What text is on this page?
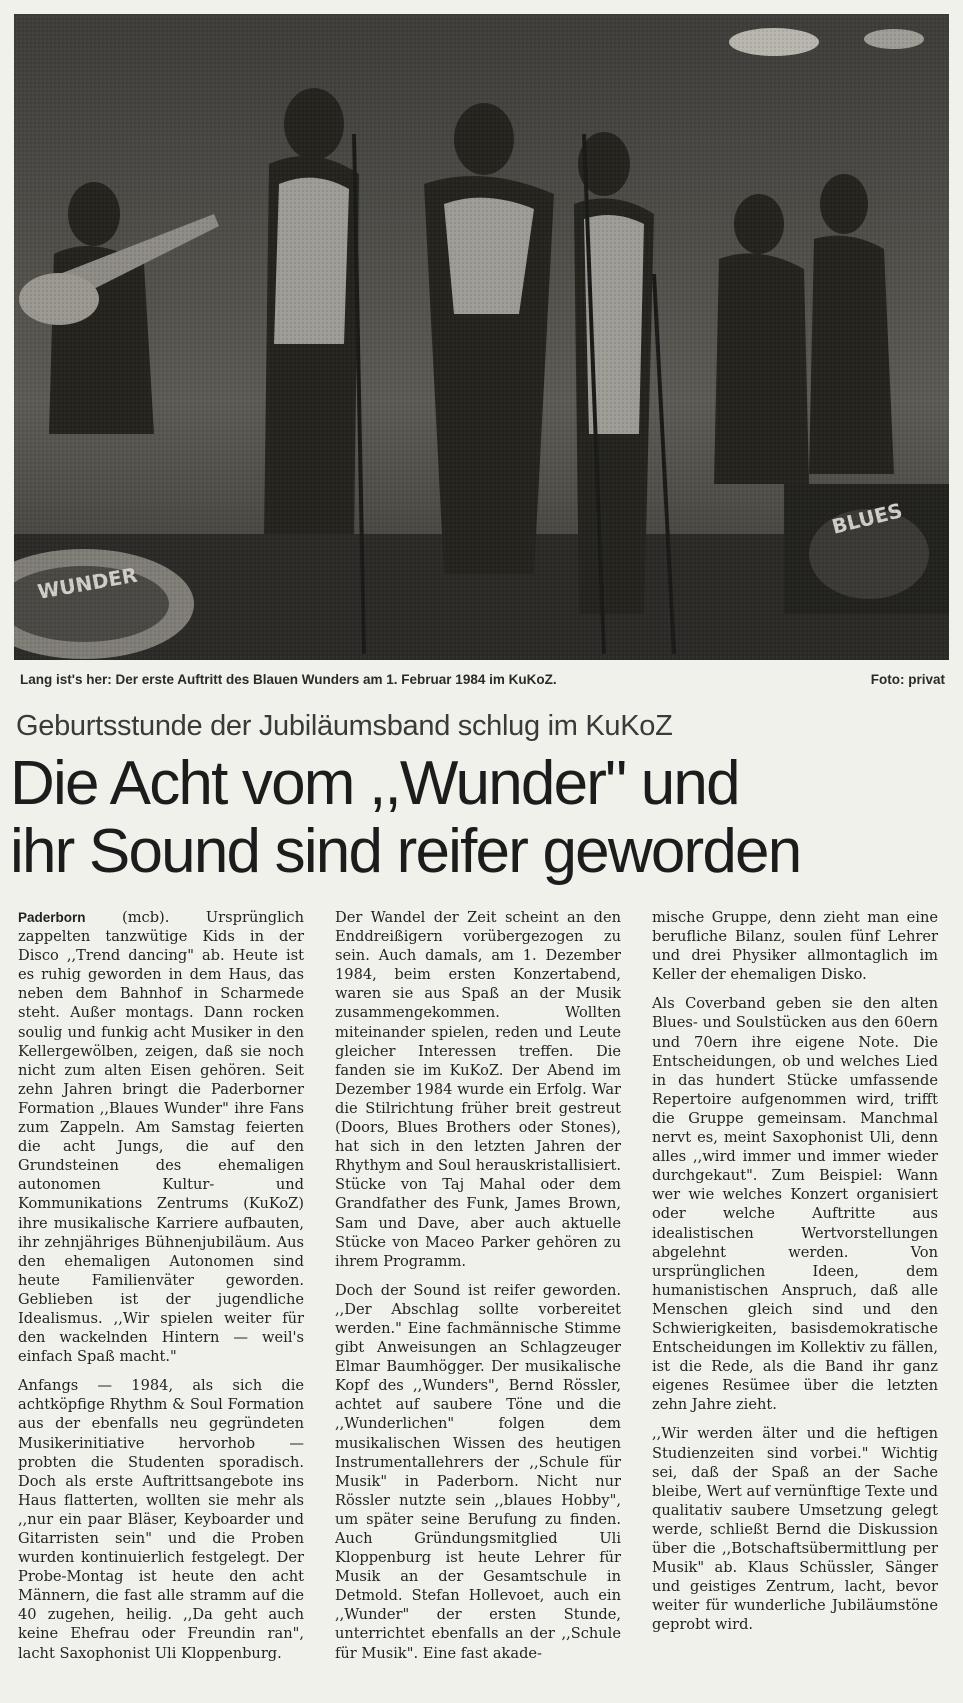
Lang ist's her: Der erste Auftritt des Blauen Wunders am 1. Februar 1984 im KuKoZ.	Foto: privat
Geburtsstunde der Jubiläumsband schlug im KuKoZ
Die Acht vom ,,Wunder" und
ihr Sound sind reifer geworden

Paderborn (mcb). Ursprünglich zappelten tanzwütige Kids in der Disco ,,Trend dancing" ab. Heute ist es ruhig geworden in dem Haus, das neben dem Bahnhof in Scharmede steht. Außer montags. Dann rocken soulig und funkig acht Musiker in den Kellergewölben, zeigen, daß sie noch nicht zum alten Eisen gehören. Seit zehn Jahren bringt die Paderborner Formation ,,Blaues Wunder" ihre Fans zum Zappeln. Am Samstag feierten die acht Jungs, die auf den Grundsteinen des ehemaligen autonomen Kultur- und Kommunikations Zentrums (KuKoZ) ihre musikalische Karriere aufbauten, ihr zehnjähriges Bühnenjubiläum. Aus den ehemaligen Autonomen sind heute Familienväter geworden. Geblieben ist der jugendliche Idealismus. ,,Wir spielen weiter für den wackelnden Hintern — weil's einfach Spaß macht."

Anfangs — 1984, als sich die achtköpfige Rhythm & Soul Formation aus der ebenfalls neu gegründeten Musikerinitiative hervorhob — probten die Studenten sporadisch. Doch als erste Auftrittsangebote ins Haus flatterten, wollten sie mehr als ,,nur ein paar Bläser, Keyboarder und Gitarristen sein" und die Proben wurden kontinuierlich festgelegt. Der Probe-Montag ist heute den acht Männern, die fast alle stramm auf die 40 zugehen, heilig. ,,Da geht auch keine Ehefrau oder Freundin ran", lacht Saxophonist Uli Kloppenburg.

Der Wandel der Zeit scheint an den Enddreißigern vorübergezogen zu sein. Auch damals, am 1. Dezember 1984, beim ersten Konzertabend, waren sie aus Spaß an der Musik zusammengekommen. Wollten miteinander spielen, reden und Leute gleicher Interessen treffen. Die fanden sie im KuKoZ. Der Abend im Dezember 1984 wurde ein Erfolg. War die Stilrichtung früher breit gestreut (Doors, Blues Brothers oder Stones), hat sich in den letzten Jahren der Rhythym and Soul herauskristallisiert. Stücke von Taj Mahal oder dem Grandfather des Funk, James Brown, Sam und Dave, aber auch aktuelle Stücke von Maceo Parker gehören zu ihrem Programm.

Doch der Sound ist reifer geworden. ,,Der Abschlag sollte vorbereitet werden." Eine fachmännische Stimme gibt Anweisungen an Schlagzeuger Elmar Baumhögger. Der musikalische Kopf des ,,Wunders", Bernd Rössler, achtet auf saubere Töne und die ,,Wunderlichen" folgen dem musikalischen Wissen des heutigen Instrumentallehrers der ,,Schule für Musik" in Paderborn. Nicht nur Rössler nutzte sein ,,blaues Hobby", um später seine Berufung zu finden. Auch Gründungsmitglied Uli Kloppenburg ist heute Lehrer für Musik an der Gesamtschule in Detmold. Stefan Hollevoet, auch ein ,,Wunder" der ersten Stunde, unterrichtet ebenfalls an der ,,Schule für Musik". Eine fast akade-

mische Gruppe, denn zieht man eine berufliche Bilanz, soulen fünf Lehrer und drei Physiker allmontaglich im Keller der ehemaligen Disko.

Als Coverband geben sie den alten Blues- und Soulstücken aus den 60ern und 70ern ihre eigene Note. Die Entscheidungen, ob und welches Lied in das hundert Stücke umfassende Repertoire aufgenommen wird, trifft die Gruppe gemeinsam. Manchmal nervt es, meint Saxophonist Uli, denn alles ,,wird immer und immer wieder durchgekaut". Zum Beispiel: Wann wer wie welches Konzert organisiert oder welche Auftritte aus idealistischen Wertvorstellungen abgelehnt werden. Von ursprünglichen Ideen, dem humanistischen Anspruch, daß alle Menschen gleich sind und den Schwierigkeiten, basisdemokratische Entscheidungen im Kollektiv zu fällen, ist die Rede, als die Band ihr ganz eigenes Resümee über die letzten zehn Jahre zieht.

,,Wir werden älter und die heftigen Studienzeiten sind vorbei." Wichtig sei, daß der Spaß an der Sache bleibe, Wert auf vernünftige Texte und qualitativ saubere Umsetzung gelegt werde, schließt Bernd die Diskussion über die ,,Botschaftsübermittlung per Musik" ab. Klaus Schüssler, Sänger und geistiges Zentrum, lacht, bevor weiter für wunderliche Jubiläumstöne geprobt wird.
